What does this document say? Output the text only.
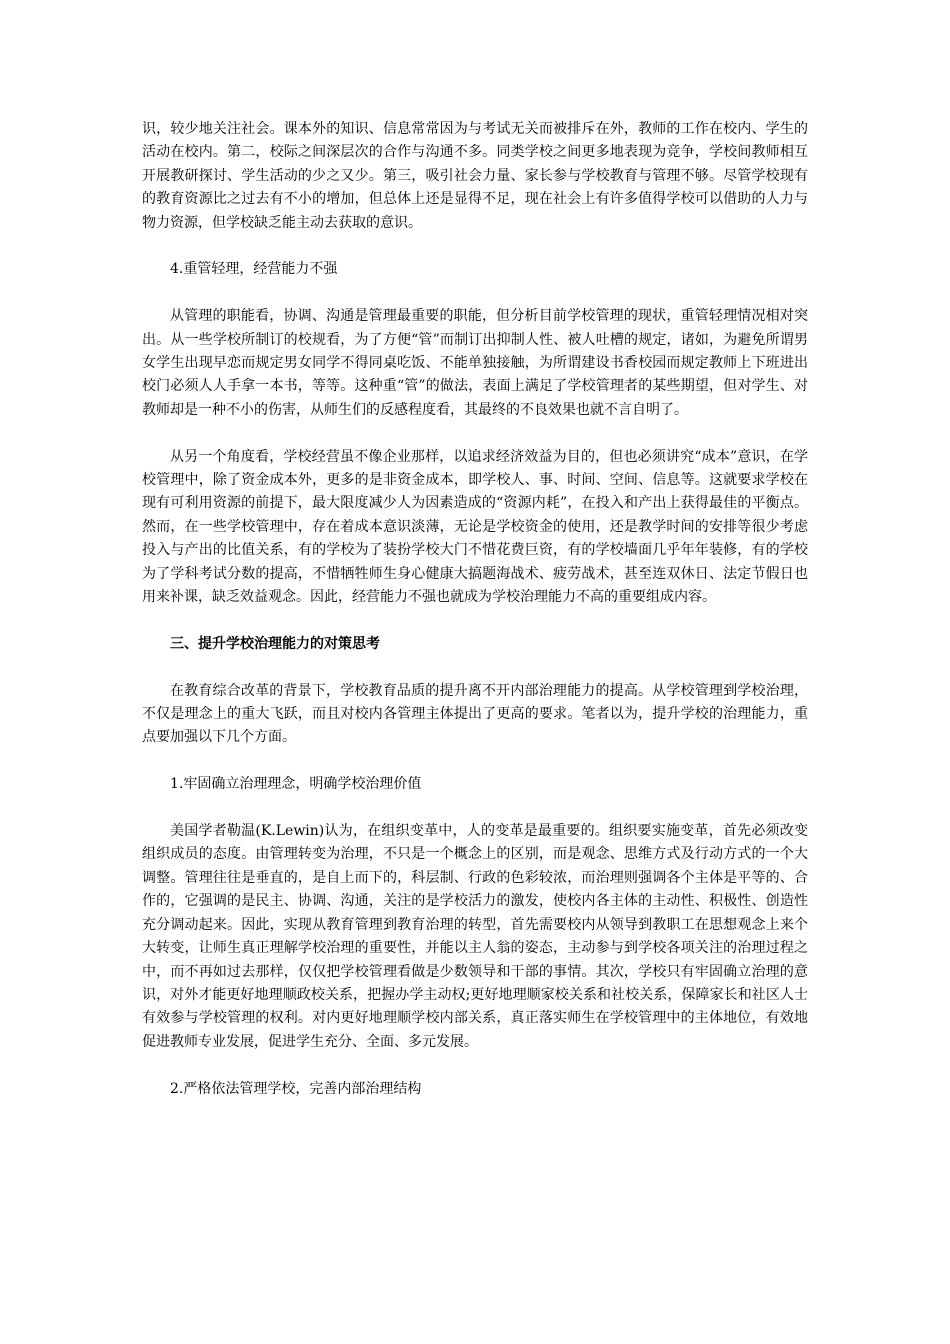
识，较少地关注社会。课本外的知识、信息常常因为与考试无关而被排斥在外，教师的工作在校内、学生的活动在校内。第二，校际之间深层次的合作与沟通不多。同类学校之间更多地表现为竞争，学校间教师相互开展教研探讨、学生活动的少之又少。第三，吸引社会力量、家长参与学校教育与管理不够。尽管学校现有的教育资源比之过去有不小的增加，但总体上还是显得不足，现在社会上有许多值得学校可以借助的人力与物力资源，但学校缺乏能主动去获取的意识。

4.重管轻理，经营能力不强

从管理的职能看，协调、沟通是管理最重要的职能，但分析目前学校管理的现状，重管轻理情况相对突出。从一些学校所制订的校规看，为了方便“管”而制订出抑制人性、被人吐槽的规定，诸如，为避免所谓男女学生出现早恋而规定男女同学不得同桌吃饭、不能单独接触，为所谓建设书香校园而规定教师上下班进出校门必须人人手拿一本书，等等。这种重“管”的做法，表面上满足了学校管理者的某些期望，但对学生、对教师却是一种不小的伤害，从师生们的反感程度看，其最终的不良效果也就不言自明了。

从另一个角度看，学校经营虽不像企业那样，以追求经济效益为目的，但也必须讲究“成本”意识，在学校管理中，除了资金成本外，更多的是非资金成本，即学校人、事、时间、空间、信息等。这就要求学校在现有可利用资源的前提下，最大限度减少人为因素造成的“资源内耗”，在投入和产出上获得最佳的平衡点。然而，在一些学校管理中，存在着成本意识淡薄，无论是学校资金的使用，还是教学时间的安排等很少考虑投入与产出的比值关系，有的学校为了装扮学校大门不惜花费巨资，有的学校墙面几乎年年装修，有的学校为了学科考试分数的提高，不惜牺牲师生身心健康大搞题海战术、疲劳战术，甚至连双休日、法定节假日也用来补课，缺乏效益观念。因此，经营能力不强也就成为学校治理能力不高的重要组成内容。

三、提升学校治理能力的对策思考

在教育综合改革的背景下，学校教育品质的提升离不开内部治理能力的提高。从学校管理到学校治理，不仅是理念上的重大飞跃，而且对校内各管理主体提出了更高的要求。笔者以为，提升学校的治理能力，重点要加强以下几个方面。

1.牢固确立治理理念，明确学校治理价值

美国学者勒温(K.Lewin)认为，在组织变革中，人的变革是最重要的。组织要实施变革，首先必须改变组织成员的态度。由管理转变为治理，不只是一个概念上的区别，而是观念、思维方式及行动方式的一个大调整。管理往往是垂直的，是自上而下的，科层制、行政的色彩较浓，而治理则强调各个主体是平等的、合作的，它强调的是民主、协调、沟通，关注的是学校活力的激发，使校内各主体的主动性、积极性、创造性充分调动起来。因此，实现从教育管理到教育治理的转型，首先需要校内从领导到教职工在思想观念上来个大转变，让师生真正理解学校治理的重要性，并能以主人翁的姿态，主动参与到学校各项关注的治理过程之中，而不再如过去那样，仅仅把学校管理看做是少数领导和干部的事情。其次，学校只有牢固确立治理的意识，对外才能更好地理顺政校关系，把握办学主动权;更好地理顺家校关系和社校关系，保障家长和社区人士有效参与学校管理的权利。对内更好地理顺学校内部关系，真正落实师生在学校管理中的主体地位，有效地促进教师专业发展，促进学生充分、全面、多元发展。

2.严格依法管理学校，完善内部治理结构
